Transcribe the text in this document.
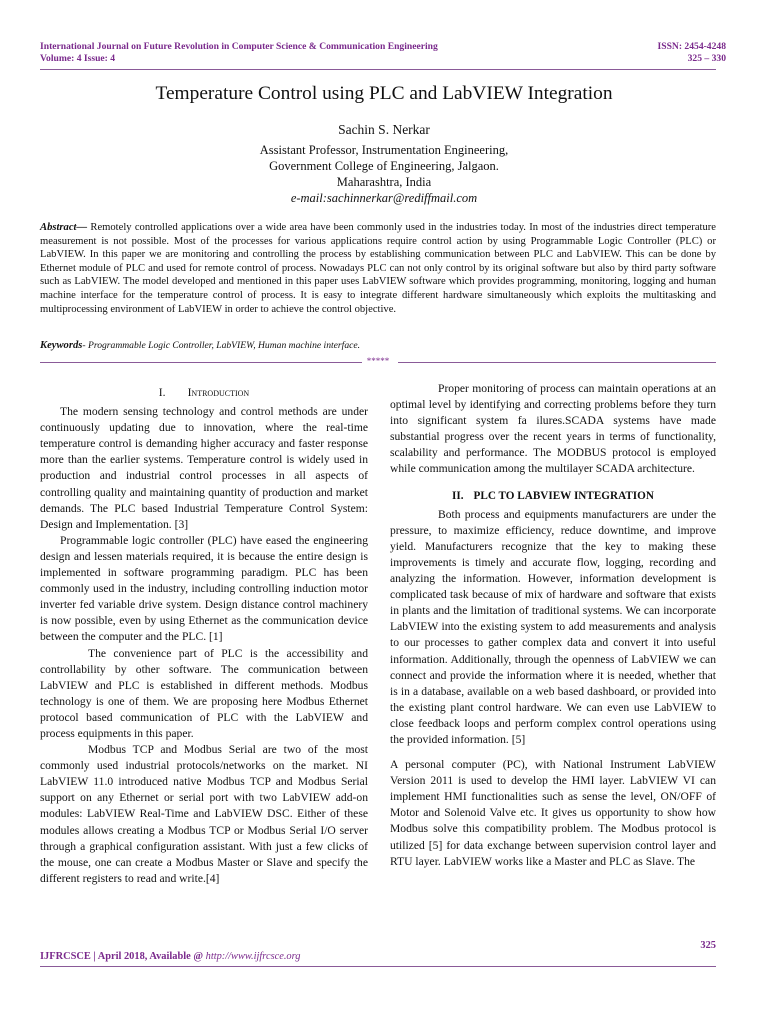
International Journal on Future Revolution in Computer Science & Communication Engineering
Volume: 4 Issue: 4
ISSN: 2454-4248
325 – 330
Temperature Control using PLC and LabVIEW Integration
Sachin S. Nerkar
Assistant Professor, Instrumentation Engineering,
Government College of Engineering, Jalgaon.
Maharashtra, India
e-mail:sachinnerkar@rediffmail.com
Abstract— Remotely controlled applications over a wide area have been commonly used in the industries today. In most of the industries direct temperature measurement is not possible. Most of the processes for various applications require control action by using Programmable Logic Controller (PLC) or LabVIEW. In this paper we are monitoring and controlling the process by establishing communication between PLC and LabVIEW. This can be done by Ethernet module of PLC and used for remote control of process. Nowadays PLC can not only control by its original software but also by third party software such as LabVIEW. The model developed and mentioned in this paper uses LabVIEW software which provides programming, monitoring, logging and human machine interface for the temperature control of process. It is easy to integrate different hardware simultaneously which exploits the multitasking and multiprocessing environment of LabVIEW in order to achieve the control objective.
Keywords- Programmable Logic Controller, LabVIEW, Human machine interface.
*****
I. Introduction

The modern sensing technology and control methods are under continuously updating due to innovation, where the real-time temperature control is demanding higher accuracy and faster response more than the earlier systems. Temperature control is widely used in production and industrial control processes in all aspects of controlling quality and maintaining quantity of production and market demands. The PLC based Industrial Temperature Control System: Design and Implementation. [3]

Programmable logic controller (PLC) have eased the engineering design and lessen materials required, it is because the entire design is implemented in software programming paradigm. PLC has been commonly used in the industry, including controlling induction motor inverter fed variable drive system. Design distance control machinery is now possible, even by using Ethernet as the communication device between the computer and the PLC. [1]

The convenience part of PLC is the accessibility and controllability by other software. The communication between LabVIEW and PLC is established in different methods. Modbus technology is one of them. We are proposing here Modbus Ethernet protocol based communication of PLC with the LabVIEW and process equipments in this paper.

Modbus TCP and Modbus Serial are two of the most commonly used industrial protocols/networks on the market. NI LabVIEW 11.0 introduced native Modbus TCP and Modbus Serial support on any Ethernet or serial port with two LabVIEW add-on modules: LabVIEW Real-Time and LabVIEW DSC. Either of these modules allows creating a Modbus TCP or Modbus Serial I/O server through a graphical configuration assistant. With just a few clicks of the mouse, one can create a Modbus Master or Slave and specify the different registers to read and write.[4]

Proper monitoring of process can maintain operations at an optimal level by identifying and correcting problems before they turn into significant system fa ilures.SCADA systems have made substantial progress over the recent years in terms of functionality, scalability and performance. The MODBUS protocol is employed while communication among the multilayer SCADA architecture.

II. PLC TO LABVIEW INTEGRATION

Both process and equipments manufacturers are under the pressure, to maximize efficiency, reduce downtime, and improve yield. Manufacturers recognize that the key to making these improvements is timely and accurate flow, logging, recording and analyzing the information. However, information development is complicated task because of mix of hardware and software that exists in plants and the limitation of traditional systems. We can incorporate LabVIEW into the existing system to add measurements and analysis to our processes to gather complex data and convert it into useful information. Additionally, through the openness of LabVIEW we can connect and provide the information where it is needed, whether that is in a database, available on a web based dashboard, or provided into the existing plant control hardware. We can even use LabVIEW to close feedback loops and perform complex control operations using the provided information. [5]

A personal computer (PC), with National Instrument LabVIEW Version 2011 is used to develop the HMI layer. LabVIEW VI can implement HMI functionalities such as sense the level, ON/OFF of Motor and Solenoid Valve etc. It gives us opportunity to show how Modbus solve this compatibility problem. The Modbus protocol is utilized [5] for data exchange between supervision control layer and RTU layer. LabVIEW works like a Master and PLC as Slave. The

325
IJFRCSCE | April 2018, Available @ http://www.ijfrcsce.org
